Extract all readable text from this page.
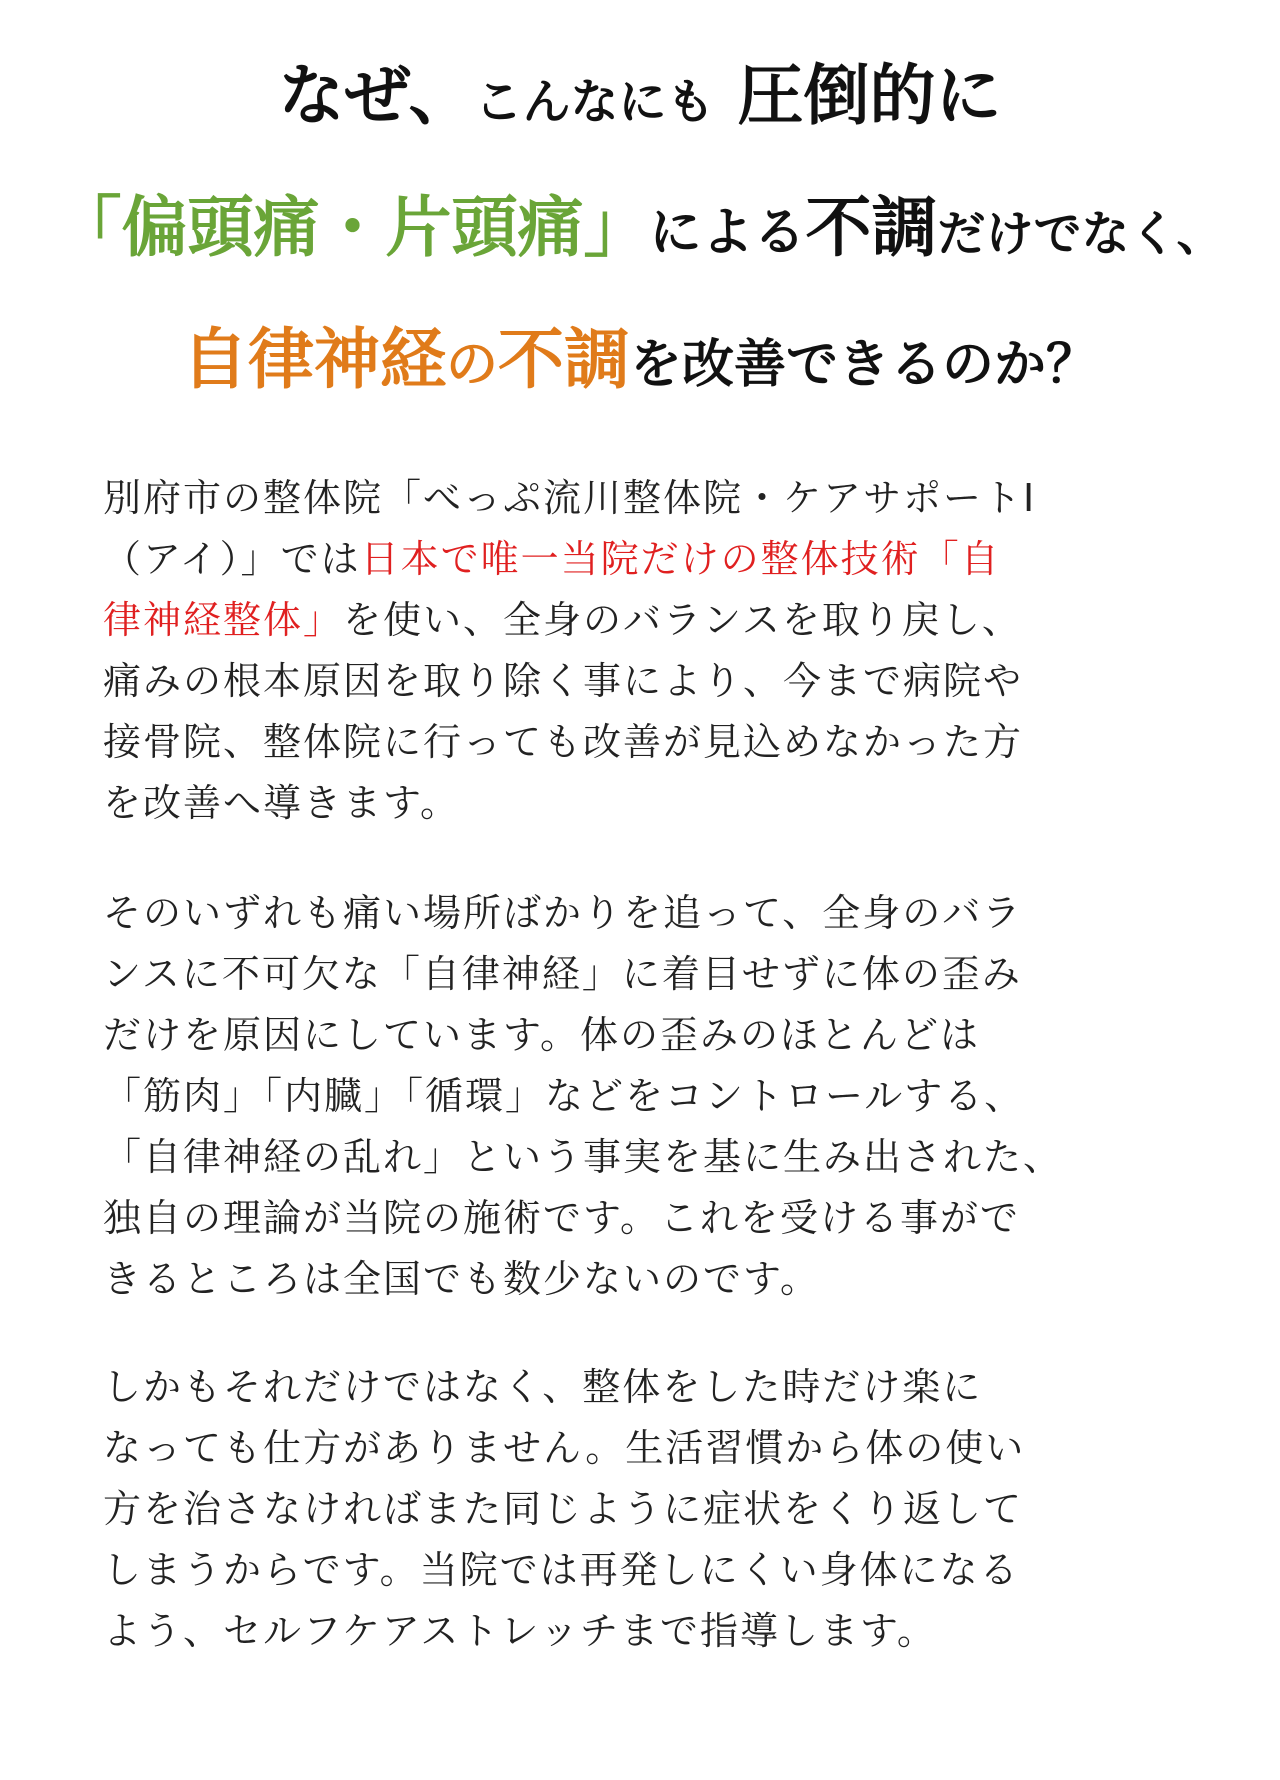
なぜ、こんなにも 圧倒的に
「偏頭痛・片頭痛」による不調だけでなく、
自律神経の不調を改善できるのか？
別府市の整体院「べっぷ流川整体院・ケアサポートI
（アイ）」では日本で唯一当院だけの整体技術「自
律神経整体」を使い、全身のバランスを取り戻し、
痛みの根本原因を取り除く事により、今まで病院や
接骨院、整体院に行っても改善が見込めなかった方
を改善へ導きます。
そのいずれも痛い場所ばかりを追って、全身のバラ
ンスに不可欠な「自律神経」に着目せずに体の歪み
だけを原因にしています。体の歪みのほとんどは
「筋肉」「内臓」「循環」などをコントロールする、
「自律神経の乱れ」という事実を基に生み出された、
独自の理論が当院の施術です。これを受ける事がで
きるところは全国でも数少ないのです。
しかもそれだけではなく、整体をした時だけ楽に
なっても仕方がありません。生活習慣から体の使い
方を治さなければまた同じように症状をくり返して
しまうからです。当院では再発しにくい身体になる
よう、セルフケアストレッチまで指導します。
